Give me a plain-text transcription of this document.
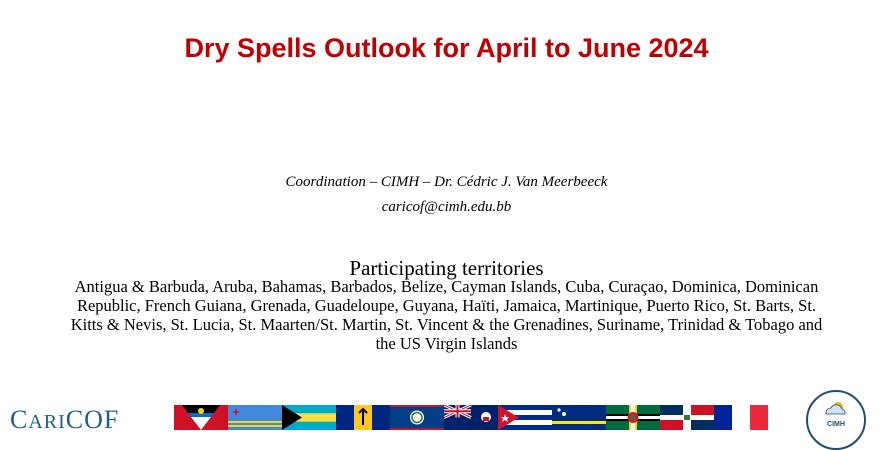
Dry Spells Outlook for April to June 2024
Coordination – CIMH – Dr. Cédric J. Van Meerbeeck
caricof@cimh.edu.bb
Participating territories
Antigua & Barbuda, Aruba, Bahamas, Barbados, Belize, Cayman Islands, Cuba, Curaçao, Dominica, Dominican Republic, French Guiana, Grenada, Guadeloupe, Guyana, Haïti, Jamaica, Martinique, Puerto Rico, St. Barts, St. Kitts & Nevis, St. Lucia, St. Maarten/St. Martin, St. Vincent & the Grenadines, Suriname, Trinidad & Tobago and the US Virgin Islands
CARICOF	CIMH
